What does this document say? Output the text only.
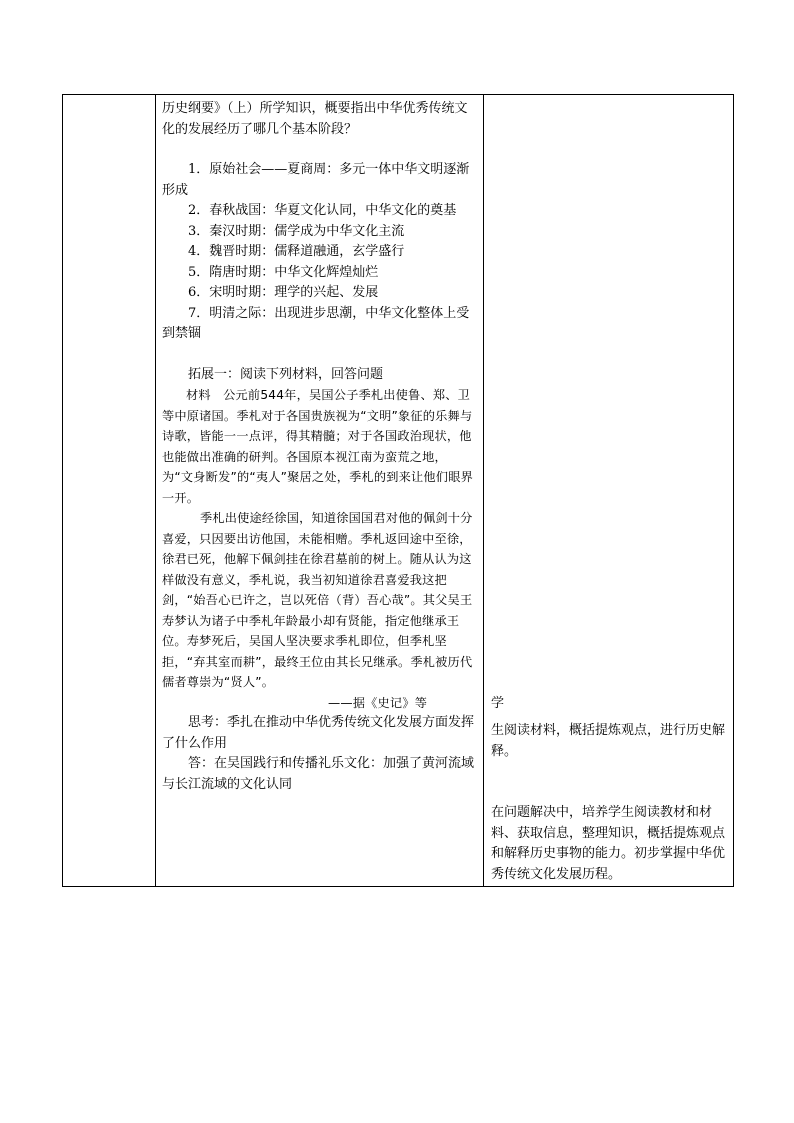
历史纲要》（上）所学知识，概要指出中华优秀传统文化的发展经历了哪几个基本阶段？

1．原始社会——夏商周：多元一体中华文明逐渐形成

2．春秋战国：华夏文化认同，中华文化的奠基

3．秦汉时期：儒学成为中华文化主流

4．魏晋时期：儒释道融通，玄学盛行

5．隋唐时期：中华文化辉煌灿烂

6．宋明时期：理学的兴起、发展

7．明清之际：出现进步思潮，中华文化整体上受到禁锢

拓展一：阅读下列材料，回答问题

材料　公元前544年，吴国公子季札出使鲁、郑、卫等中原诸国。季札对于各国贵族视为“文明”象征的乐舞与诗歌，皆能一一点评，得其精髓；对于各国政治现状，他也能做出准确的研判。各国原本视江南为蛮荒之地，为“文身断发”的“夷人”聚居之处，季札的到来让他们眼界一开。

季札出使途经徐国，知道徐国国君对他的佩剑十分喜爱，只因要出访他国，未能相赠。季札返回途中至徐，徐君已死，他解下佩剑挂在徐君墓前的树上。随从认为这样做没有意义，季札说，我当初知道徐君喜爱我这把剑，“始吾心已许之，岂以死倍（背）吾心哉”。其父吴王寿梦认为诸子中季札年龄最小却有贤能，指定他继承王位。寿梦死后，吴国人坚决要求季札即位，但季札坚拒，“弃其室而耕”，最终王位由其长兄继承。季札被历代儒者尊崇为“贤人”。——据《史记》等

思考：季扎在推动中华优秀传统文化发展方面发挥了什么作用

答：在吴国践行和传播礼乐文化：加强了黄河流域与长江流域的文化认同

学

生阅读材料，概括提炼观点，进行历史解释。

在问题解决中，培养学生阅读教材和材料、获取信息，整理知识，概括提炼观点和解释历史事物的能力。初步掌握中华优秀传统文化发展历程。
